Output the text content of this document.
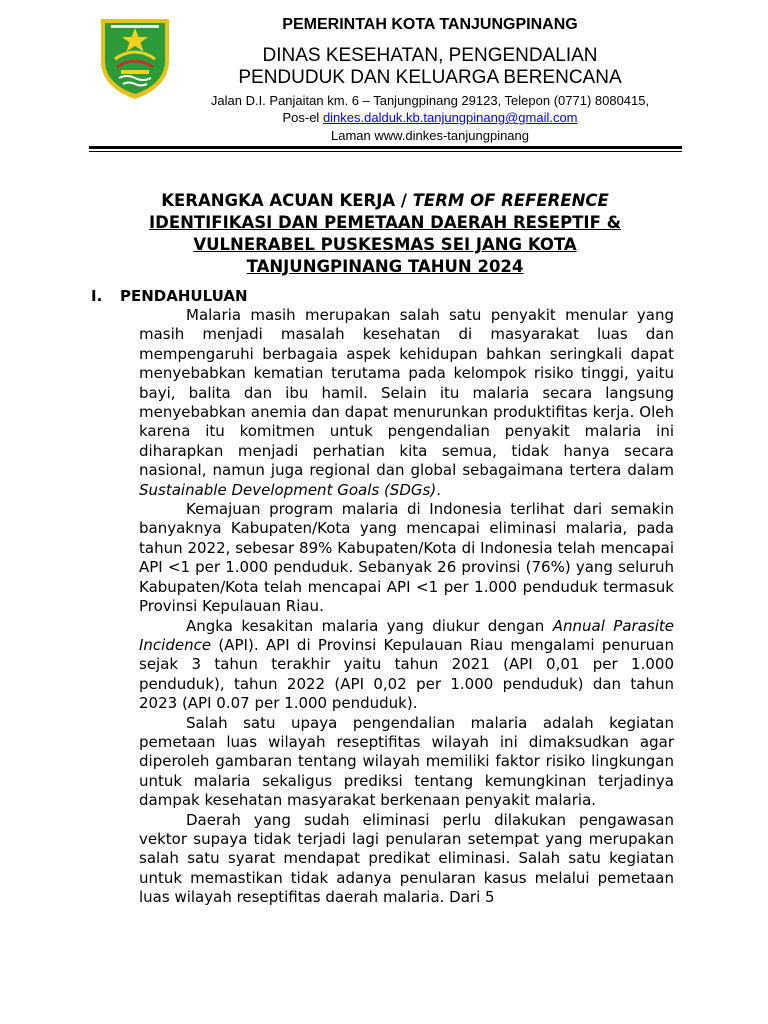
PEMERINTAH KOTA TANJUNGPINANG
DINAS KESEHATAN, PENGENDALIAN
PENDUDUK DAN KELUARGA BERENCANA
Jalan D.I. Panjaitan km. 6 – Tanjungpinang 29123, Telepon (0771) 8080415,
Pos-el dinkes.dalduk.kb.tanjungpinang@gmail.com
Laman www.dinkes-tanjungpinang
KERANGKA ACUAN KERJA / TERM OF REFERENCE
IDENTIFIKASI DAN PEMETAAN DAERAH RESEPTIF &
VULNERABEL PUSKESMAS SEI JANG KOTA
TANJUNGPINANG TAHUN 2024
I. PENDAHULUAN

Malaria masih merupakan salah satu penyakit menular yang masih menjadi masalah kesehatan di masyarakat luas dan mempengaruhi berbagaia aspek kehidupan bahkan seringkali dapat menyebabkan kematian terutama pada kelompok risiko tinggi, yaitu bayi, balita dan ibu hamil. Selain itu malaria secara langsung menyebabkan anemia dan dapat menurunkan produktifitas kerja. Oleh karena itu komitmen untuk pengendalian penyakit malaria ini diharapkan menjadi perhatian kita semua, tidak hanya secara nasional, namun juga regional dan global sebagaimana tertera dalam Sustainable Development Goals (SDGs).

Kemajuan program malaria di Indonesia terlihat dari semakin banyaknya Kabupaten/Kota yang mencapai eliminasi malaria, pada tahun 2022, sebesar 89% Kabupaten/Kota di Indonesia telah mencapai API <1 per 1.000 penduduk. Sebanyak 26 provinsi (76%) yang seluruh Kabupaten/Kota telah mencapai API <1 per 1.000 penduduk termasuk Provinsi Kepulauan Riau.

Angka kesakitan malaria yang diukur dengan Annual Parasite Incidence (API). API di Provinsi Kepulauan Riau mengalami penuruan sejak 3 tahun terakhir yaitu tahun 2021 (API 0,01 per 1.000 penduduk), tahun 2022 (API 0,02 per 1.000 penduduk) dan tahun 2023 (API 0.07 per 1.000 penduduk).

Salah satu upaya pengendalian malaria adalah kegiatan pemetaan luas wilayah reseptifitas wilayah ini dimaksudkan agar diperoleh gambaran tentang wilayah memiliki faktor risiko lingkungan untuk malaria sekaligus prediksi tentang kemungkinan terjadinya dampak kesehatan masyarakat berkenaan penyakit malaria.

Daerah yang sudah eliminasi perlu dilakukan pengawasan vektor supaya tidak terjadi lagi penularan setempat yang merupakan salah satu syarat mendapat predikat eliminasi. Salah satu kegiatan untuk memastikan tidak adanya penularan kasus melalui pemetaan luas wilayah reseptifitas daerah malaria. Dari 5
